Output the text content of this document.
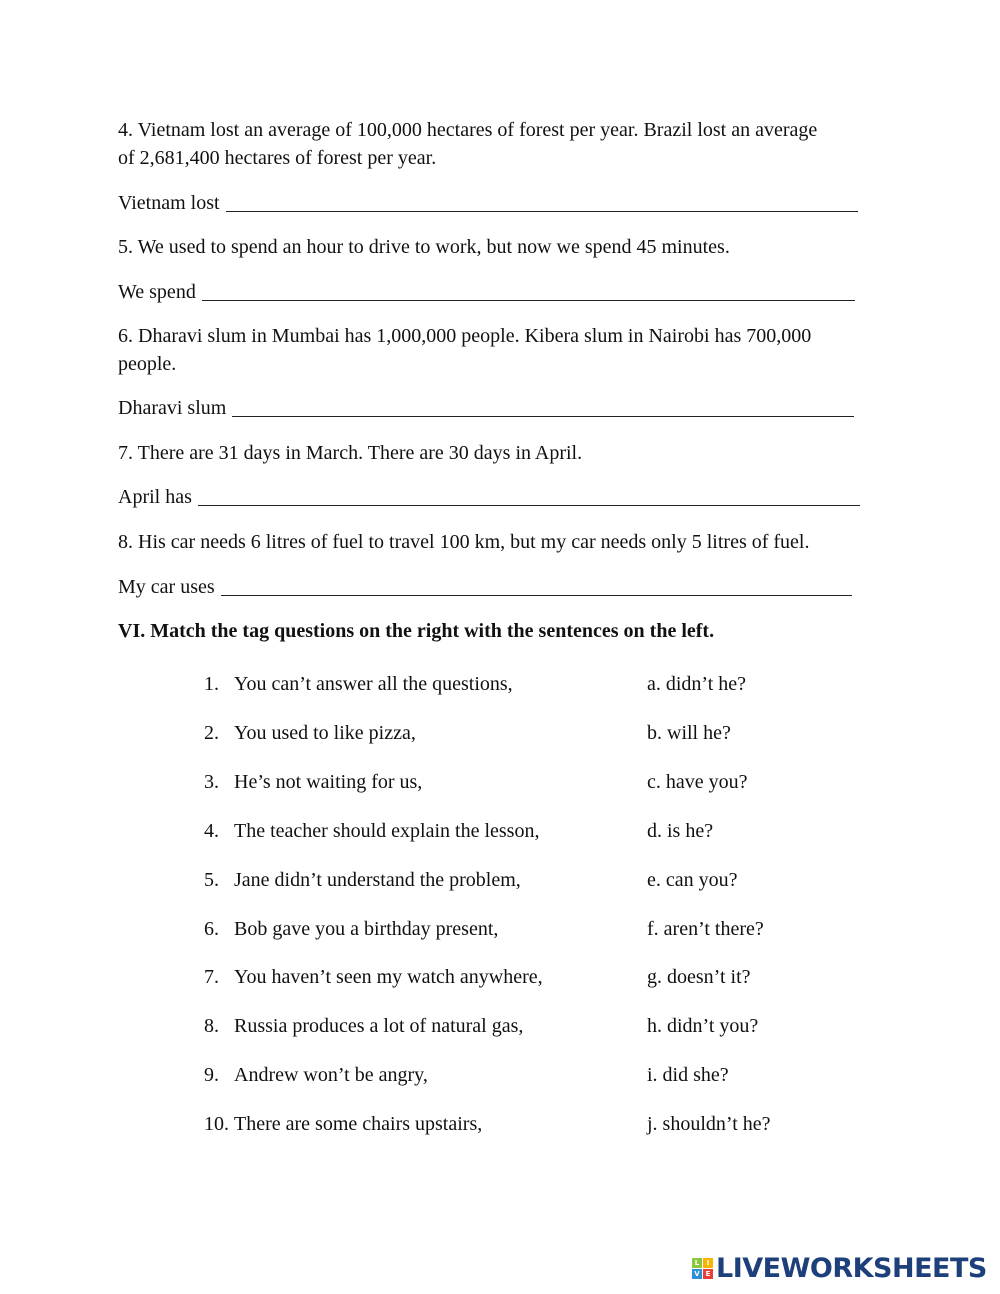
4. Vietnam lost an average of 100,000 hectares of forest per year. Brazil lost an average
of 2,681,400 hectares of forest per year.
Vietnam lost
5. We used to spend an hour to drive to work, but now we spend 45 minutes.
We spend
6. Dharavi slum in Mumbai has 1,000,000 people. Kibera slum in Nairobi has 700,000
people.
Dharavi slum
7. There are 31 days in March. There are 30 days in April.
April has
8. His car needs 6 litres of fuel to travel 100 km, but my car needs only 5 litres of fuel.
My car uses
VI. Match the tag questions on the right with the sentences on the left.
1. You can’t answer all the questions,	a. didn’t he?
2. You used to like pizza,	b. will he?
3. He’s not waiting for us,	c. have you?
4. The teacher should explain the lesson,	d. is he?
5. Jane didn’t understand the problem,	e. can you?
6. Bob gave you a birthday present,	f. aren’t there?
7. You haven’t seen my watch anywhere,	g. doesn’t it?
8. Russia produces a lot of natural gas,	h. didn’t you?
9. Andrew won’t be angry,	i. did she?
10. There are some chairs upstairs,	j. shouldn’t he?
L	I
V E LIVEWORKSHEETS
